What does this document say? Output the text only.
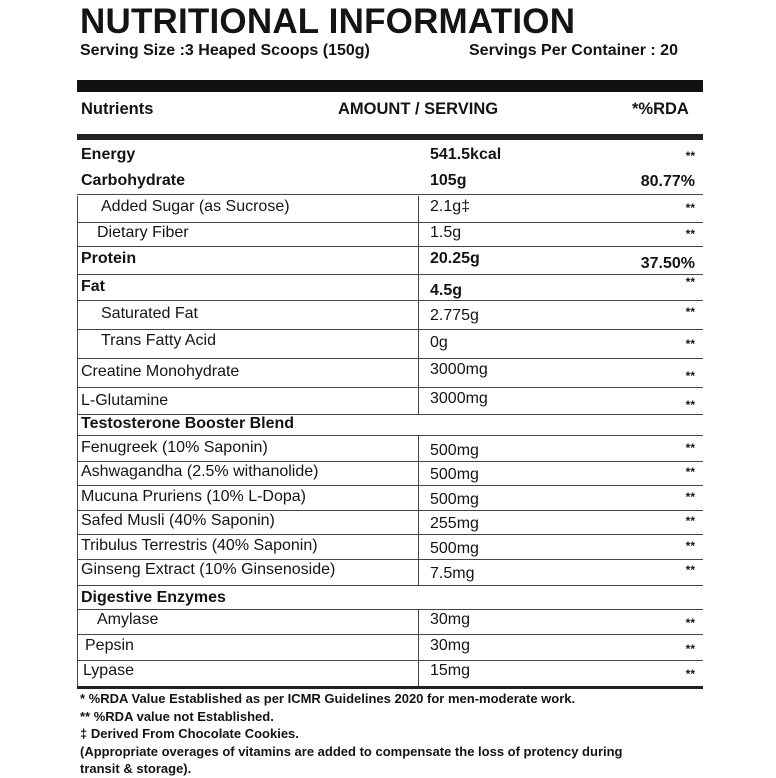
NUTRITIONAL INFORMATION
Serving Size :3 Heaped Scoops (150g)	Servings Per Container : 20
Nutrients	AMOUNT / SERVING	*%RDA
Energy	541.5kcal	**
Carbohydrate	105g	80.77%
Added Sugar (as Sucrose)	2.1g‡	**
Dietary Fiber	1.5g	**
Protein	20.25g	37.50%
Fat	4.5g	**
Saturated Fat	2.775g	**
Trans Fatty Acid	0g	**
Creatine Monohydrate	3000mg	**
L-Glutamine	3000mg	**
Testosterone Booster Blend
Fenugreek (10% Saponin)	500mg	**
Ashwagandha (2.5% withanolide)	500mg	**
Mucuna Pruriens (10% L-Dopa)	500mg	**
Safed Musli (40% Saponin)	255mg	**
Tribulus Terrestris (40% Saponin)	500mg	**
Ginseng Extract (10% Ginsenoside)	7.5mg	**
Digestive Enzymes
Amylase	30mg	**
Pepsin	30mg	**
Lypase	15mg	**
* %RDA Value Established as per ICMR Guidelines 2020 for men-moderate work.
** %RDA value not Established.
‡ Derived From Chocolate Cookies.
(Appropriate overages of vitamins are added to compensate the loss of protency during
transit & storage).
